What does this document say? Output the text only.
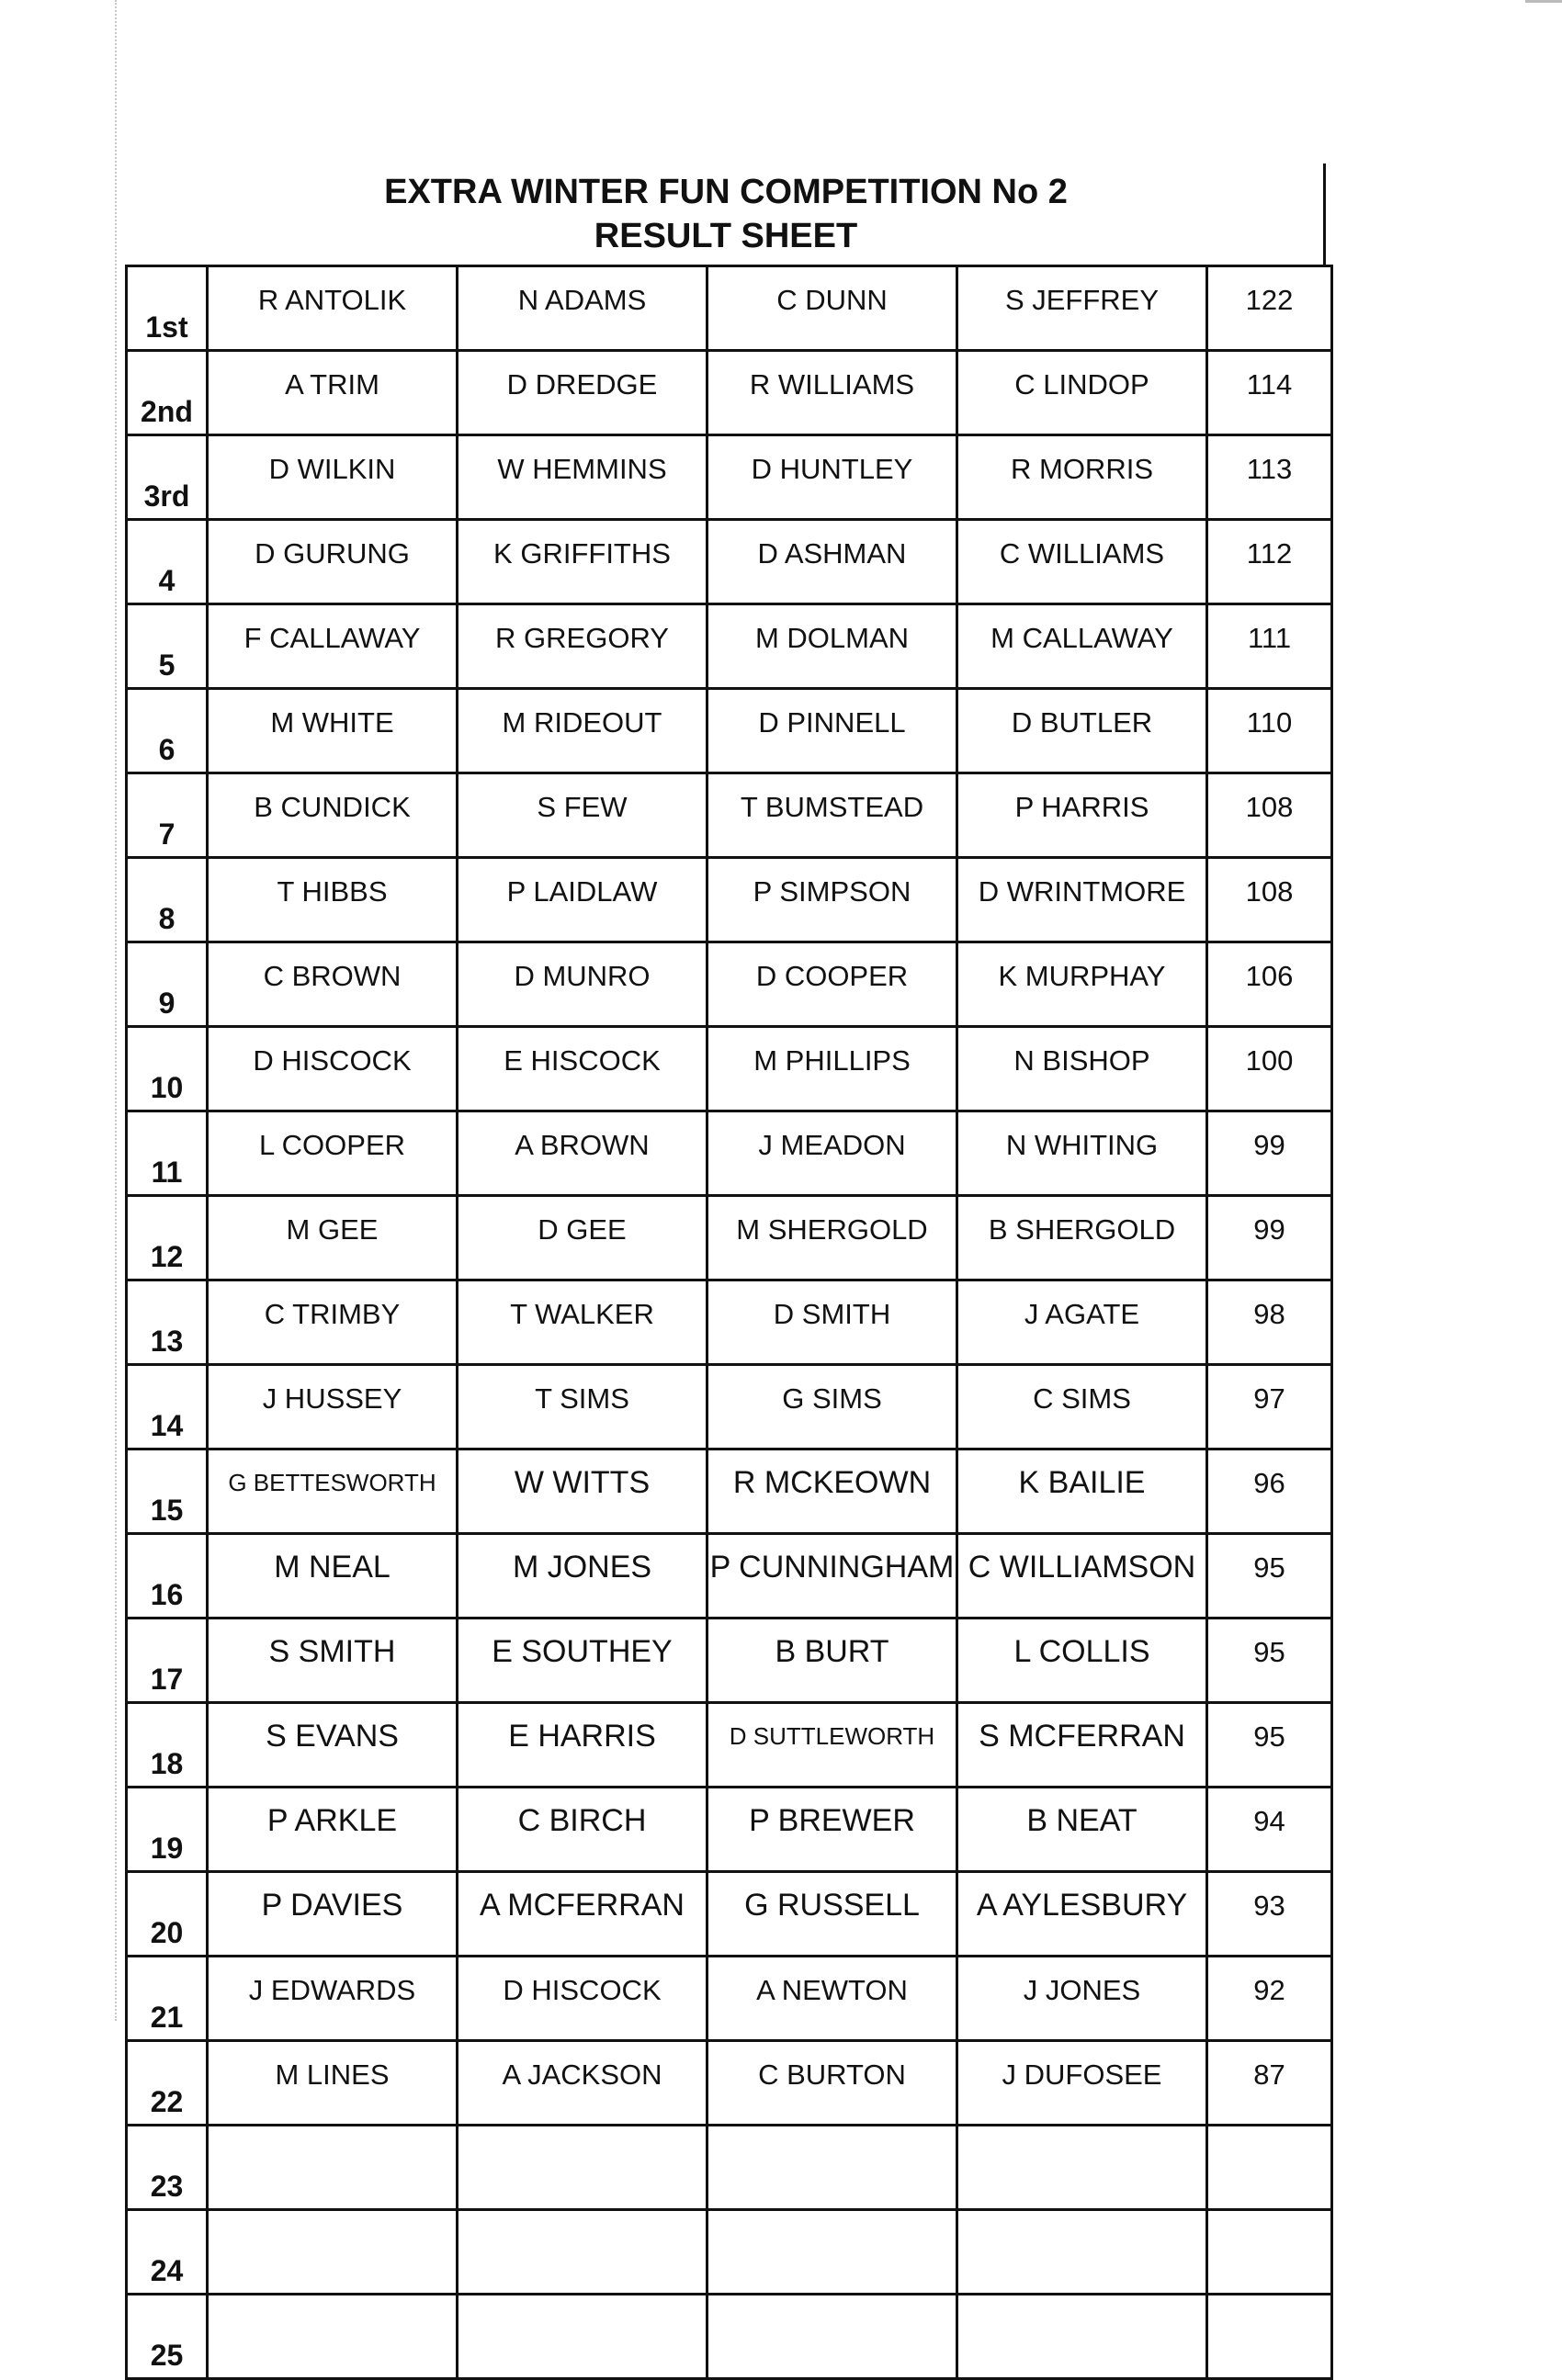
EXTRA WINTER FUN COMPETITION No 2
RESULT SHEET
1st	R ANTOLIK	N ADAMS	C DUNN	S JEFFREY	122
2nd	A TRIM	D DREDGE	R WILLIAMS	C LINDOP	114
3rd	D WILKIN	W HEMMINS	D HUNTLEY	R MORRIS	113
4	D GURUNG	K GRIFFITHS	D ASHMAN	C WILLIAMS	112
5	F CALLAWAY	R GREGORY	M DOLMAN	M CALLAWAY	111
6	M WHITE	M RIDEOUT	D PINNELL	D BUTLER	110
7	B CUNDICK	S FEW	T BUMSTEAD	P HARRIS	108
8	T HIBBS	P LAIDLAW	P SIMPSON	D WRINTMORE	108
9	C BROWN	D MUNRO	D COOPER	K MURPHAY	106
10	D HISCOCK	E HISCOCK	M PHILLIPS	N BISHOP	100
11	L COOPER	A BROWN	J MEADON	N WHITING	99
12	M GEE	D GEE	M SHERGOLD	B SHERGOLD	99
13	C TRIMBY	T WALKER	D SMITH	J AGATE	98
14	J HUSSEY	T SIMS	G SIMS	C SIMS	97
15	G BETTESWORTH	W WITTS	R MCKEOWN	K BAILIE	96
16	M NEAL	M JONES	P CUNNINGHAM	C WILLIAMSON	95
17	S SMITH	E SOUTHEY	B BURT	L COLLIS	95
18	S EVANS	E HARRIS	D SUTTLEWORTH	S MCFERRAN	95
19	P ARKLE	C BIRCH	P BREWER	B NEAT	94
20	P DAVIES	A MCFERRAN	G RUSSELL	A AYLESBURY	93
21	J EDWARDS	D HISCOCK	A NEWTON	J JONES	92
22	M LINES	A JACKSON	C BURTON	J DUFOSEE	87
23					
24					
25					
